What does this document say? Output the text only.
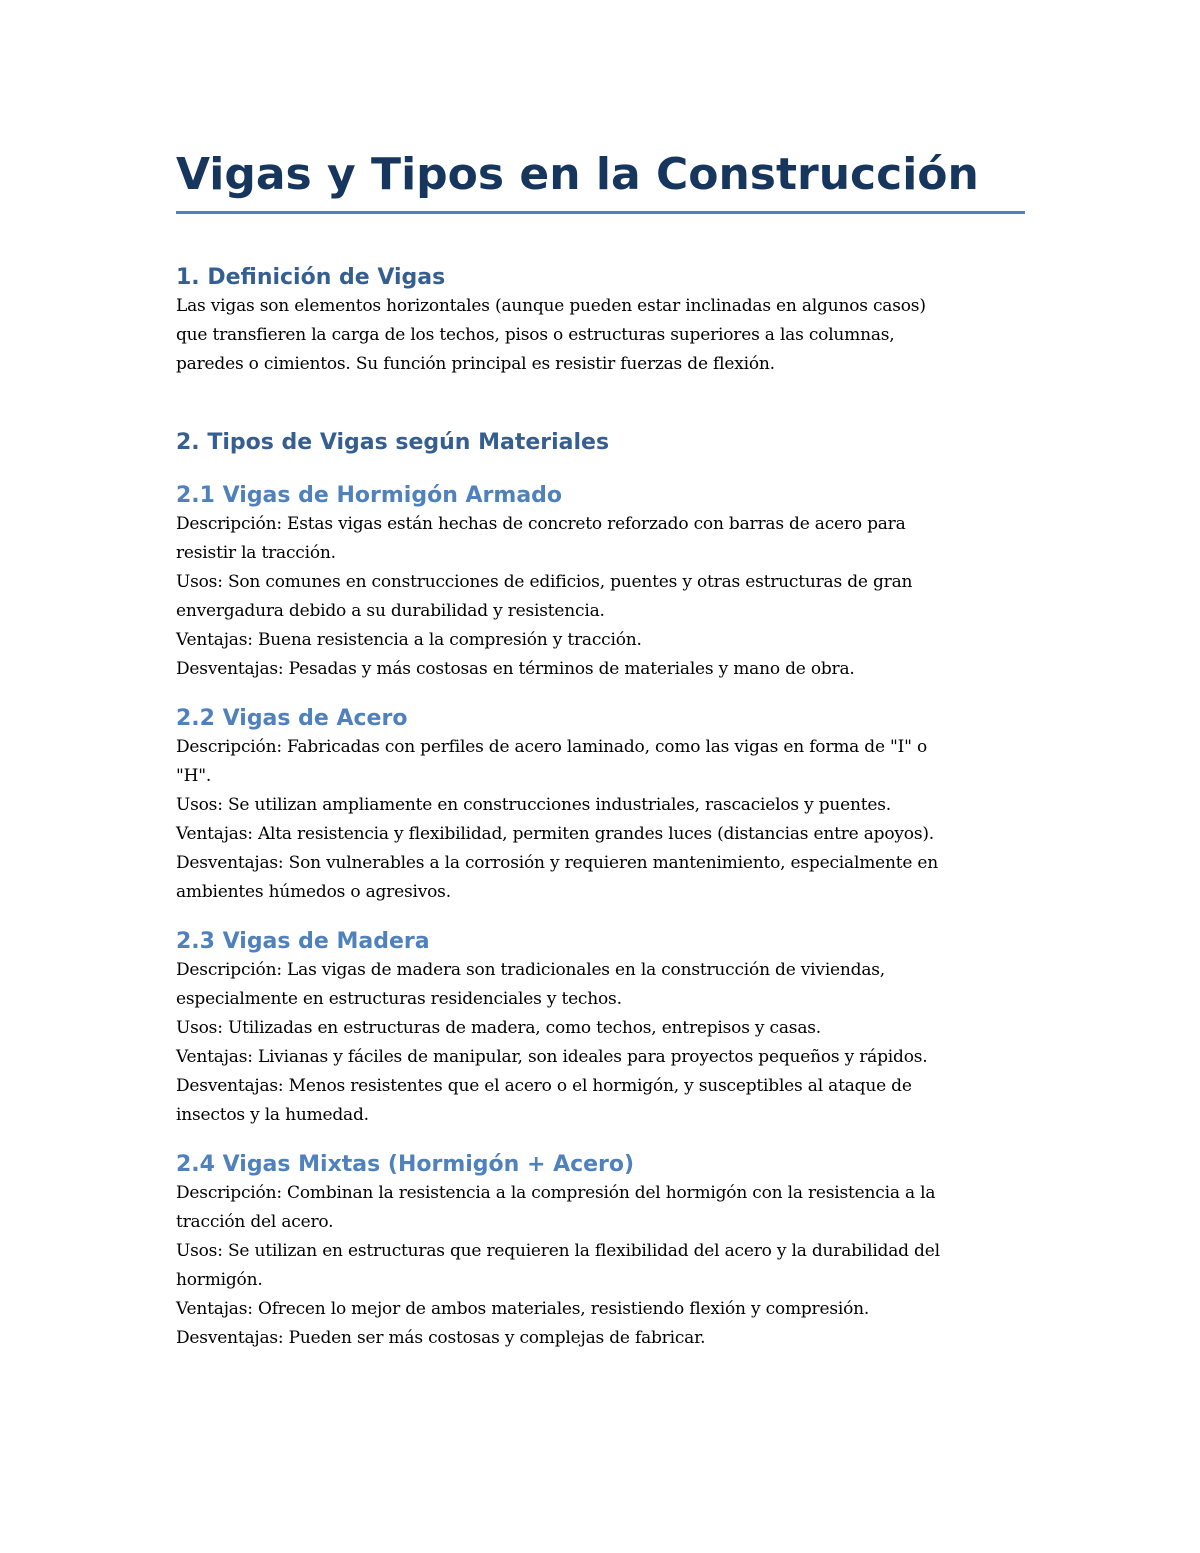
Vigas y Tipos en la Construcción
1. Definición de Vigas

Las vigas son elementos horizontales (aunque pueden estar inclinadas en algunos casos)
que transfieren la carga de los techos, pisos o estructuras superiores a las columnas,
paredes o cimientos. Su función principal es resistir fuerzas de flexión.

2. Tipos de Vigas según Materiales
2.1 Vigas de Hormigón Armado

Descripción: Estas vigas están hechas de concreto reforzado con barras de acero para
resistir la tracción.
Usos: Son comunes en construcciones de edificios, puentes y otras estructuras de gran
envergadura debido a su durabilidad y resistencia.
Ventajas: Buena resistencia a la compresión y tracción.
Desventajas: Pesadas y más costosas en términos de materiales y mano de obra.

2.2 Vigas de Acero

Descripción: Fabricadas con perfiles de acero laminado, como las vigas en forma de "I" o
"H".
Usos: Se utilizan ampliamente en construcciones industriales, rascacielos y puentes.
Ventajas: Alta resistencia y flexibilidad, permiten grandes luces (distancias entre apoyos).
Desventajas: Son vulnerables a la corrosión y requieren mantenimiento, especialmente en
ambientes húmedos o agresivos.

2.3 Vigas de Madera

Descripción: Las vigas de madera son tradicionales en la construcción de viviendas,
especialmente en estructuras residenciales y techos.
Usos: Utilizadas en estructuras de madera, como techos, entrepisos y casas.
Ventajas: Livianas y fáciles de manipular, son ideales para proyectos pequeños y rápidos.
Desventajas: Menos resistentes que el acero o el hormigón, y susceptibles al ataque de
insectos y la humedad.

2.4 Vigas Mixtas (Hormigón + Acero)

Descripción: Combinan la resistencia a la compresión del hormigón con la resistencia a la
tracción del acero.
Usos: Se utilizan en estructuras que requieren la flexibilidad del acero y la durabilidad del
hormigón.
Ventajas: Ofrecen lo mejor de ambos materiales, resistiendo flexión y compresión.
Desventajas: Pueden ser más costosas y complejas de fabricar.
